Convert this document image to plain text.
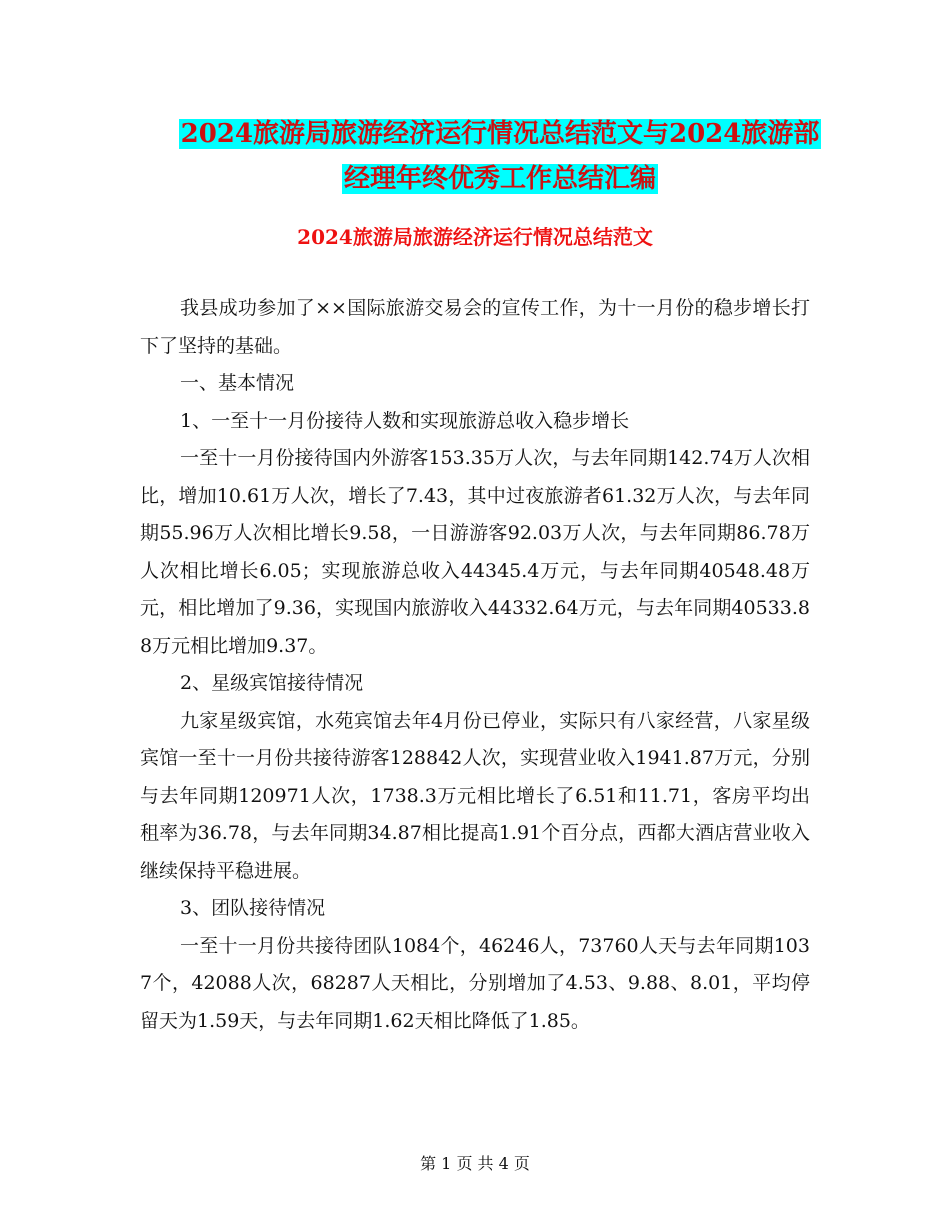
2024旅游局旅游经济运行情况总结范文与2024旅游部
经理年终优秀工作总结汇编
2024旅游局旅游经济运行情况总结范文

我县成功参加了××国际旅游交易会的宣传工作，为十一月份的稳步增长打下了坚持的基础。

一、基本情况

1、一至十一月份接待人数和实现旅游总收入稳步增长

一至十一月份接待国内外游客153.35万人次，与去年同期142.74万人次相比，增加10.61万人次，增长了7.43，其中过夜旅游者61.32万人次，与去年同期55.96万人次相比增长9.58，一日游游客92.03万人次，与去年同期86.78万人次相比增长6.05；实现旅游总收入44345.4万元，与去年同期40548.48万元，相比增加了9.36，实现国内旅游收入44332.64万元，与去年同期40533.88万元相比增加9.37。

2、星级宾馆接待情况

九家星级宾馆，水苑宾馆去年4月份已停业，实际只有八家经营，八家星级宾馆一至十一月份共接待游客128842人次，实现营业收入1941.87万元，分别与去年同期120971人次，1738.3万元相比增长了6.51和11.71，客房平均出租率为36.78，与去年同期34.87相比提高1.91个百分点，西都大酒店营业收入继续保持平稳进展。

3、团队接待情况

一至十一月份共接待团队1084个，46246人，73760人天与去年同期1037个，42088人次，68287人天相比，分别增加了4.53、9.88、8.01，平均停留天为1.59天，与去年同期1.62天相比降低了1.85。

第 1 页 共 4 页
